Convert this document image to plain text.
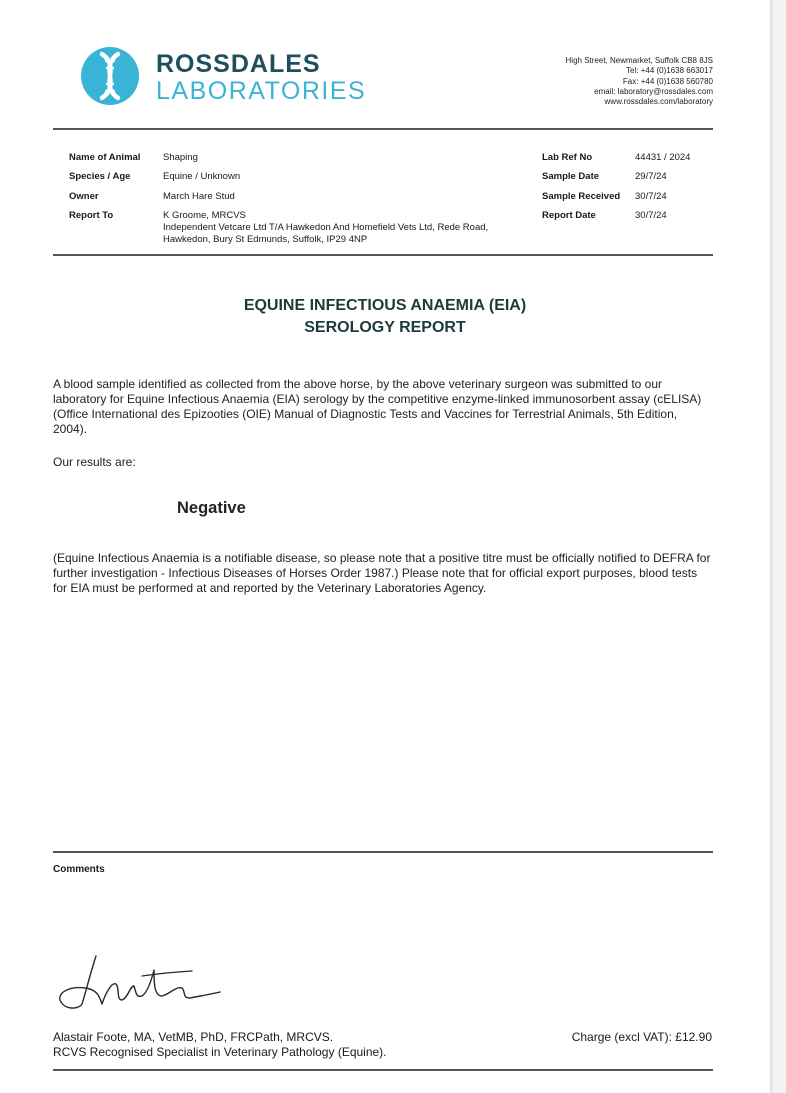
ROSSDALES
LABORATORIES
High Street, Newmarket, Suffolk CB8 8JS
Tel: +44 (0)1638 663017
Fax: +44 (0)1638 560780
email: laboratory@rossdales.com
www.rossdales.com/laboratory
Name of Animal Shaping
Species / Age	Equine / Unknown
Owner	March Hare Stud
Report To	K Groome, MRCVS
Independent Vetcare Ltd T/A Hawkedon And Homefield Vets Ltd, Rede Road,
Hawkedon, Bury St Edmunds, Suffolk, IP29 4NP
Lab Ref No	44431 / 2024
Sample Date	29/7/24
Sample Received 30/7/24
Report Date	30/7/24
EQUINE INFECTIOUS ANAEMIA (EIA)
SEROLOGY REPORT
A blood sample identified as collected from the above horse, by the above veterinary surgeon was submitted to our laboratory for Equine Infectious Anaemia (EIA) serology by the competitive enzyme-linked immunosorbent assay (cELISA) (Office International des Epizooties (OIE) Manual of Diagnostic Tests and Vaccines for Terrestrial Animals, 5th Edition, 2004).
Our results are:
Negative
(Equine Infectious Anaemia is a notifiable disease, so please note that a positive titre must be officially notified to DEFRA for further investigation - Infectious Diseases of Horses Order 1987.) Please note that for official export purposes, blood tests for EIA must be performed at and reported by the Veterinary Laboratories Agency.
Comments
Alastair Foote, MA, VetMB, PhD, FRCPath, MRCVS.
RCVS Recognised Specialist in Veterinary Pathology (Equine).
Charge (excl VAT): £12.90
